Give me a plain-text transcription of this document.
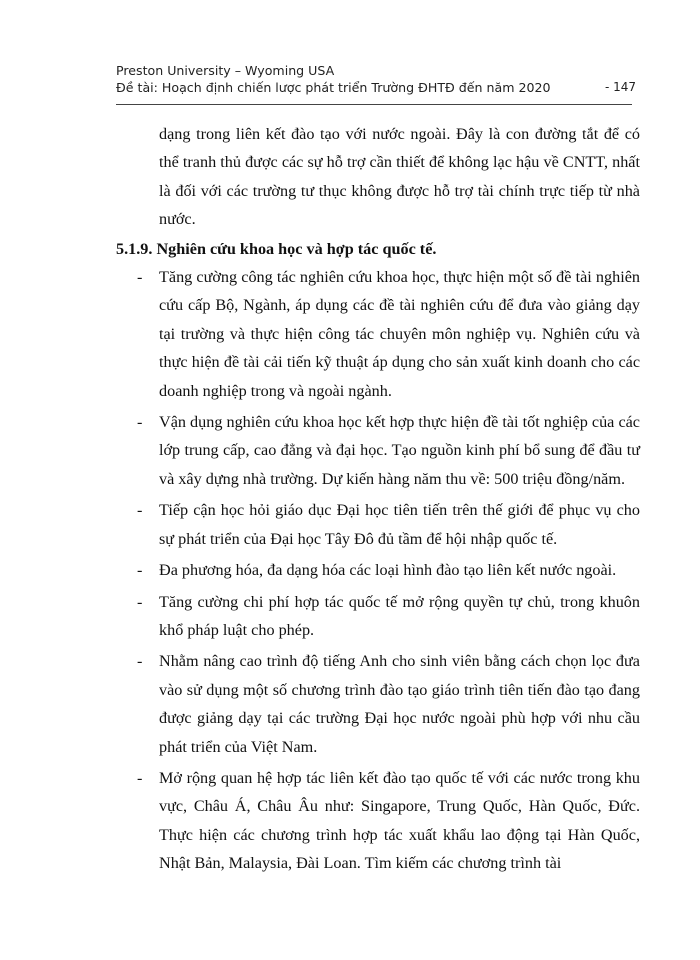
Preston University – Wyoming USA
Đề tài: Hoạch định chiến lược phát triển Trường ĐHTĐ đến năm 2020	- 147

dạng trong liên kết đào tạo với nước ngoài. Đây là con đường tắt để có thể tranh thủ được các sự hỗ trợ cần thiết để không lạc hậu về CNTT, nhất là đối với các trường tư thục không được hỗ trợ tài chính trực tiếp từ nhà nước.

5.1.9. Nghiên cứu khoa học và hợp tác quốc tế.

- Tăng cường công tác nghiên cứu khoa học, thực hiện một số đề tài nghiên cứu cấp Bộ, Ngành, áp dụng các đề tài nghiên cứu để đưa vào giảng dạy tại trường và thực hiện công tác chuyên môn nghiệp vụ. Nghiên cứu và thực hiện đề tài cải tiến kỹ thuật áp dụng cho sản xuất kinh doanh cho các doanh nghiệp trong và ngoài ngành.
- Vận dụng nghiên cứu khoa học kết hợp thực hiện đề tài tốt nghiệp của các lớp trung cấp, cao đẳng và đại học. Tạo nguồn kinh phí bổ sung để đầu tư và xây dựng nhà trường. Dự kiến hàng năm thu về: 500 triệu đồng/năm.
- Tiếp cận học hỏi giáo dục Đại học tiên tiến trên thế giới để phục vụ cho sự phát triển của Đại học Tây Đô đủ tầm để hội nhập quốc tế.
- Đa phương hóa, đa dạng hóa các loại hình đào tạo liên kết nước ngoài.
- Tăng cường chi phí hợp tác quốc tế mở rộng quyền tự chủ, trong khuôn khổ pháp luật cho phép.
- Nhằm nâng cao trình độ tiếng Anh cho sinh viên bằng cách chọn lọc đưa vào sử dụng một số chương trình đào tạo giáo trình tiên tiến đào tạo đang được giảng dạy tại các trường Đại học nước ngoài phù hợp với nhu cầu phát triển của Việt Nam.
- Mở rộng quan hệ hợp tác liên kết đào tạo quốc tế với các nước trong khu vực, Châu Á, Châu Âu như: Singapore, Trung Quốc, Hàn Quốc, Đức. Thực hiện các chương trình hợp tác xuất khẩu lao động tại Hàn Quốc, Nhật Bản, Malaysia, Đài Loan. Tìm kiếm các chương trình tài
